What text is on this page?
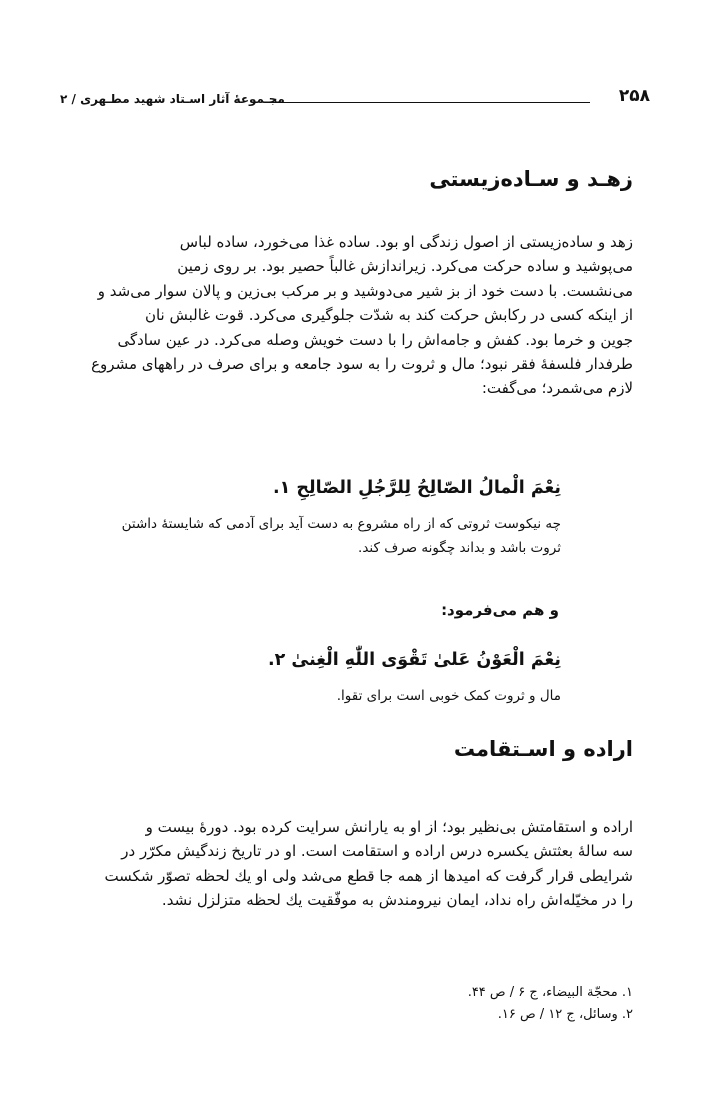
مجـموعهٔ آثار اسـتاد شهید مطـهری / ۲	۲۵۸
زهـد و سـاده‌زیستی
زهد و ساده‌زیستی از اصول زندگی او بود. ساده غذا می‌خورد، ساده لباس
می‌پوشید و ساده حرکت می‌کرد. زیراندازش غالباً حصیر بود. بر روی زمین
می‌نشست. با دست خود از بز شیر می‌دوشید و بر مرکب بی‌زین و پالان سوار می‌شد و
از اینکه کسی در رکابش حرکت کند به شدّت جلوگیری می‌کرد. قوت غالبش نان
جوین و خرما بود. کفش و جامه‌اش را با دست خویش وصله می‌کرد. در عین سادگی
طرفدار فلسفهٔ فقر نبود؛ مال و ثروت را به سود جامعه و برای صرف در راههای مشروع
لازم می‌شمرد؛ می‌گفت:
نِعْمَ الْمالُ الصّالِحُ لِلرَّجُلِ الصّالِحِ ۱.
چه نیکوست ثروتی که از راه مشروع به دست آید برای آدمی که شایستهٔ داشتن
ثروت باشد و بداند چگونه صرف کند.
و هم می‌فرمود:
نِعْمَ الْعَوْنُ عَلیٰ تَقْوَی اللّٰهِ الْغِنیٰ ۲.
مال و ثروت کمک خوبی است برای تقوا.
اراده و اسـتقامت
اراده و استقامتش بی‌نظیر بود؛ از او به یارانش سرایت کرده بود. دورهٔ بیست و
سه سالهٔ بعثتش یکسره درس اراده و استقامت است. او در تاریخ زندگیش مکرّر در
شرایطی قرار گرفت که امیدها از همه جا قطع می‌شد ولی او یك لحظه تصوّر شکست
را در مخیّله‌اش راه نداد، ایمان نیرومندش به موفّقیت یك لحظه متزلزل نشد.
۱. محجّة البیضاء، ج ۶ / ص ۴۴.
۲. وسائل، ج ۱۲ / ص ۱۶.
